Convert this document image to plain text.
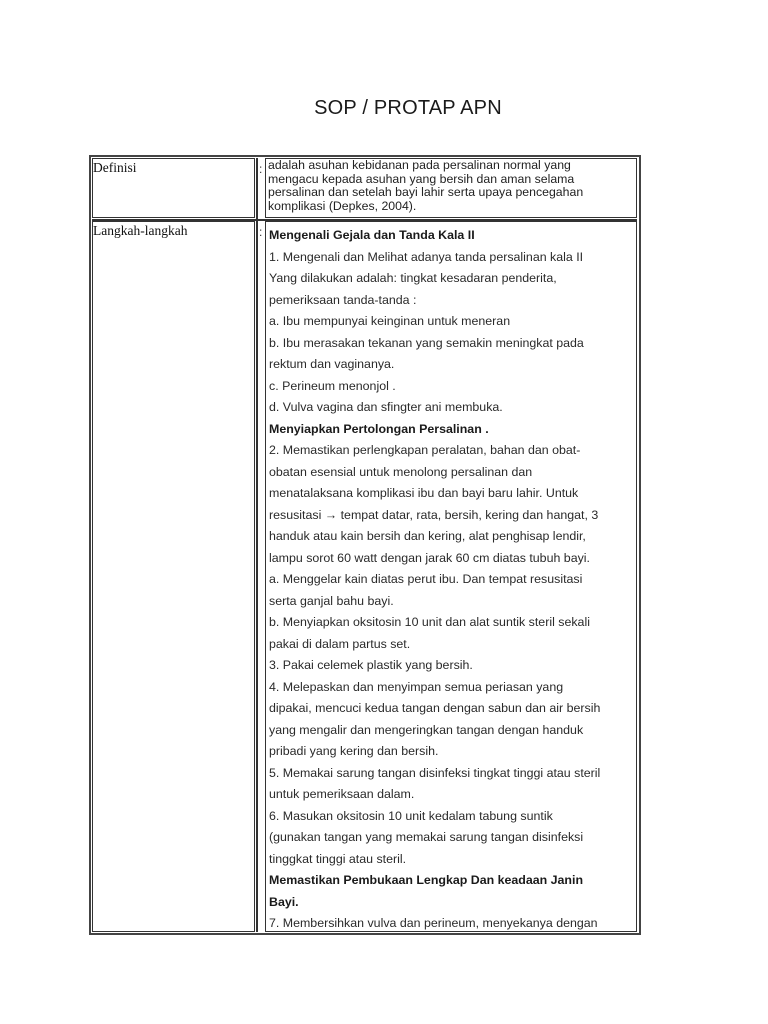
SOP / PROTAP APN
Definisi	: adalah asuhan kebidanan pada persalinan normal yang mengacu kepada asuhan yang bersih dan aman selama persalinan dan setelah bayi lahir serta upaya pencegahan komplikasi (Depkes, 2004).
Langkah-langkah	: Mengenali Gejala dan Tanda Kala II
1. Mengenali dan Melihat adanya tanda persalinan kala II
Yang dilakukan adalah: tingkat kesadaran penderita,
pemeriksaan tanda-tanda :
a. Ibu mempunyai keinginan untuk meneran
b. Ibu merasakan tekanan yang semakin meningkat pada
rektum dan vaginanya.
c. Perineum menonjol .
d. Vulva vagina dan sfingter ani membuka.
Menyiapkan Pertolongan Persalinan .
2. Memastikan perlengkapan peralatan, bahan dan obat-
obatan esensial untuk menolong persalinan dan
menatalaksana komplikasi ibu dan bayi baru lahir. Untuk
resusitasi → tempat datar, rata, bersih, kering dan hangat, 3
handuk atau kain bersih dan kering, alat penghisap lendir,
lampu sorot 60 watt dengan jarak 60 cm diatas tubuh bayi.
a. Menggelar kain diatas perut ibu. Dan tempat resusitasi
serta ganjal bahu bayi.
b. Menyiapkan oksitosin 10 unit dan alat suntik steril sekali
pakai di dalam partus set.
3. Pakai celemek plastik yang bersih.
4. Melepaskan dan menyimpan semua periasan yang
dipakai, mencuci kedua tangan dengan sabun dan air bersih
yang mengalir dan mengeringkan tangan dengan handuk
pribadi yang kering dan bersih.
5. Memakai sarung tangan disinfeksi tingkat tinggi atau steril
untuk pemeriksaan dalam.
6. Masukan oksitosin 10 unit kedalam tabung suntik
(gunakan tangan yang memakai sarung tangan disinfeksi
tinggkat tinggi atau steril.
Memastikan Pembukaan Lengkap Dan keadaan Janin
Bayi.
7. Membersihkan vulva dan perineum, menyekanya dengan
